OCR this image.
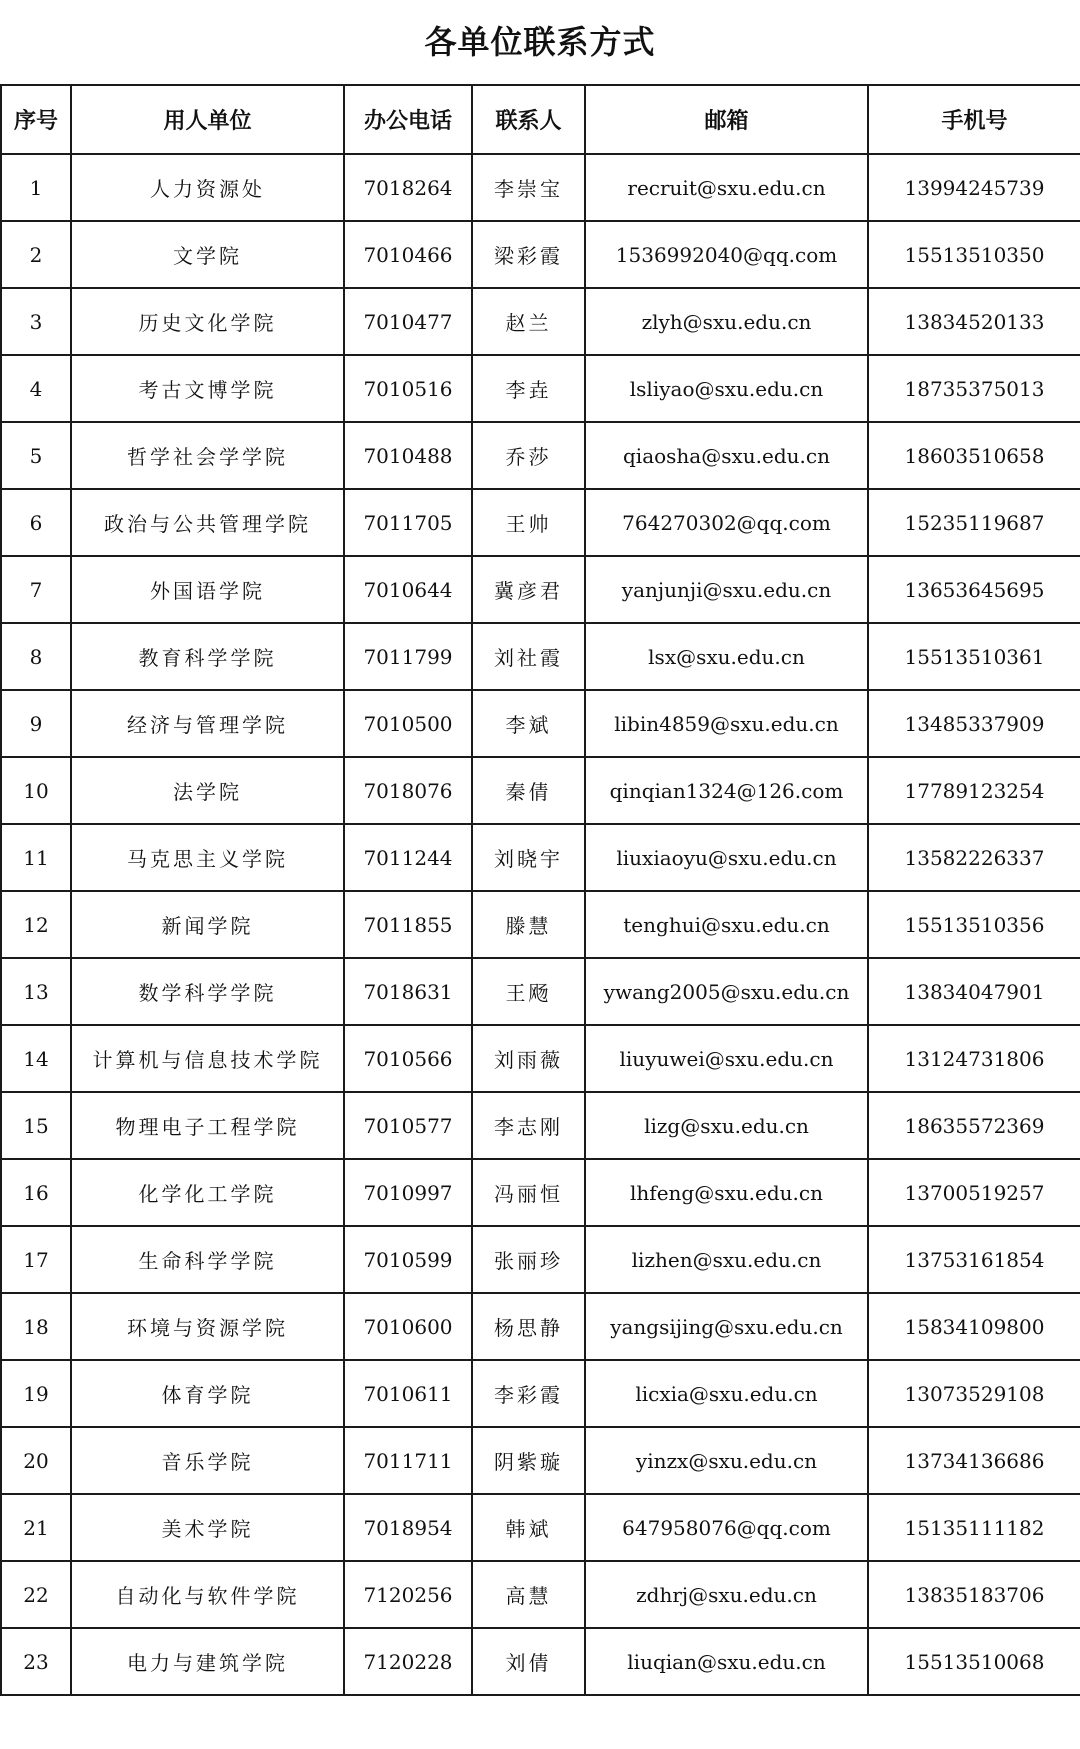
各单位联系方式
序号	用人单位	办公电话	联系人	邮箱	手机号
1	人力资源处	7018264	李崇宝	recruit@sxu.edu.cn	13994245739
2	文学院	7010466	梁彩霞	1536992040@qq.com	15513510350
3	历史文化学院	7010477	赵兰	zlyh@sxu.edu.cn	13834520133
4	考古文博学院	7010516	李垚	lsliyao@sxu.edu.cn	18735375013
5	哲学社会学学院	7010488	乔莎	qiaosha@sxu.edu.cn	18603510658
6	政治与公共管理学院	7011705	王帅	764270302@qq.com	15235119687
7	外国语学院	7010644	冀彦君	yanjunji@sxu.edu.cn	13653645695
8	教育科学学院	7011799	刘社霞	lsx@sxu.edu.cn	15513510361
9	经济与管理学院	7010500	李斌	libin4859@sxu.edu.cn	13485337909
10	法学院	7018076	秦倩	qinqian1324@126.com	17789123254
11	马克思主义学院	7011244	刘晓宇	liuxiaoyu@sxu.edu.cn	13582226337
12	新闻学院	7011855	滕慧	tenghui@sxu.edu.cn	15513510356
13	数学科学学院	7018631	王飏	ywang2005@sxu.edu.cn	13834047901
14	计算机与信息技术学院	7010566	刘雨薇	liuyuwei@sxu.edu.cn	13124731806
15	物理电子工程学院	7010577	李志刚	lizg@sxu.edu.cn	18635572369
16	化学化工学院	7010997	冯丽恒	lhfeng@sxu.edu.cn	13700519257
17	生命科学学院	7010599	张丽珍	lizhen@sxu.edu.cn	13753161854
18	环境与资源学院	7010600	杨思静	yangsijing@sxu.edu.cn	15834109800
19	体育学院	7010611	李彩霞	licxia@sxu.edu.cn	13073529108
20	音乐学院	7011711	阴紫璇	yinzx@sxu.edu.cn	13734136686
21	美术学院	7018954	韩斌	647958076@qq.com	15135111182
22	自动化与软件学院	7120256	高慧	zdhrj@sxu.edu.cn	13835183706
23	电力与建筑学院	7120228	刘倩	liuqian@sxu.edu.cn	15513510068
